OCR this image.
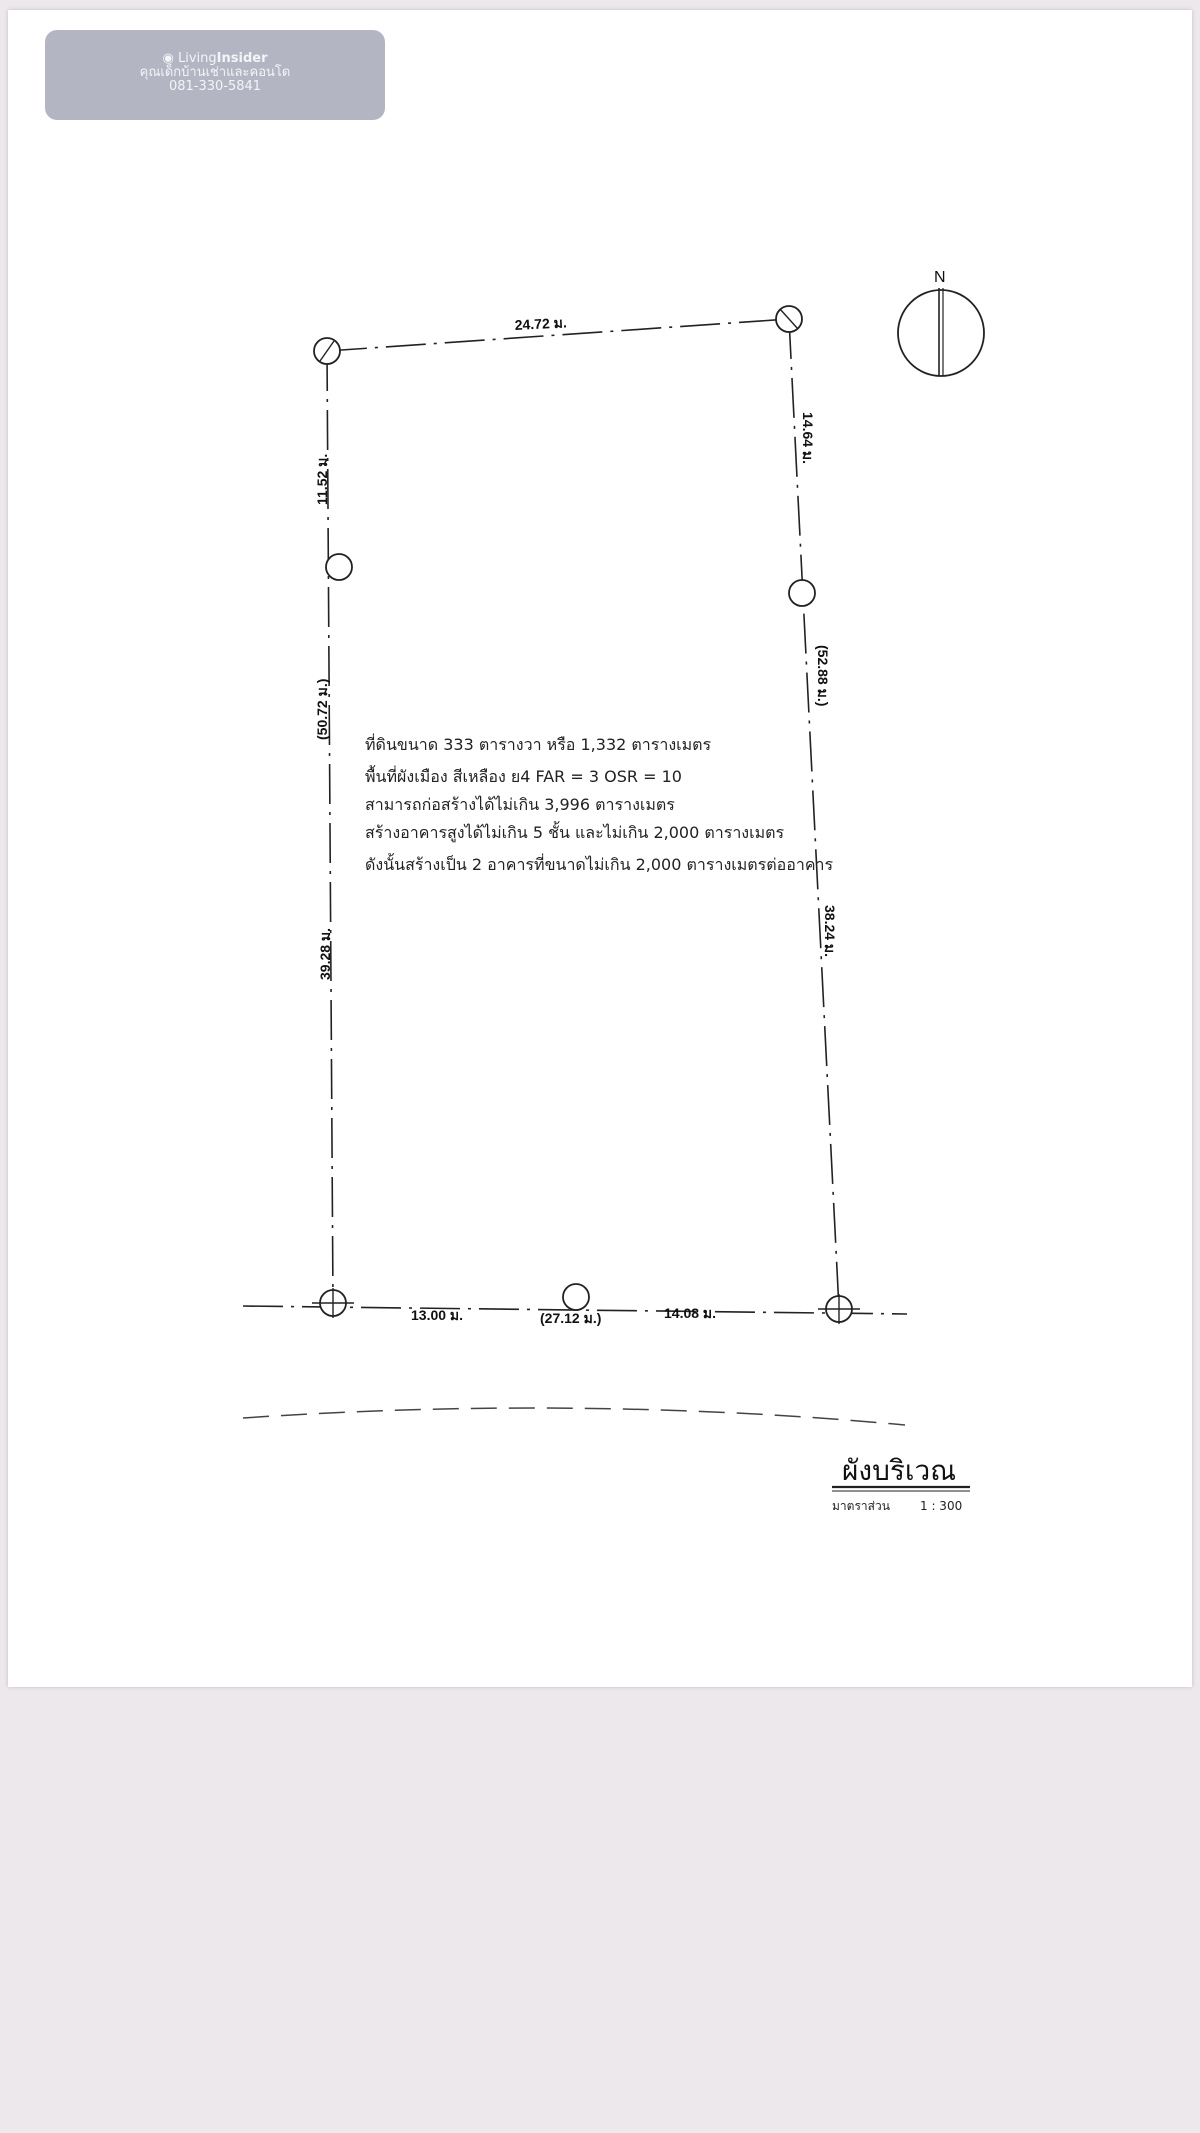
◉ LivingInsider
คุณเด็กบ้านเช่าและคอนโด
081-330-5841
24.72 ม.
11.52 ม.
(50.72 ม.)
39.28 ม.
14.64 ม.
(52.88 ม.)
38.24 ม.
13.00 ม.	(27.12 ม.)	14.08 ม.
ที่ดินขนาด 333 ตารางวา หรือ 1,332 ตารางเมตร
พื้นที่ผังเมือง สีเหลือง ย4 FAR = 3 OSR = 10
สามารถก่อสร้างได้ไม่เกิน 3,996 ตารางเมตร
สร้างอาคารสูงได้ไม่เกิน 5 ชั้น และไม่เกิน 2,000 ตารางเมตร
ดังนั้นสร้างเป็น 2 อาคารที่ขนาดไม่เกิน 2,000 ตารางเมตรต่ออาคาร
N
ผังบริเวณ
มาตราส่วน	1 : 300
